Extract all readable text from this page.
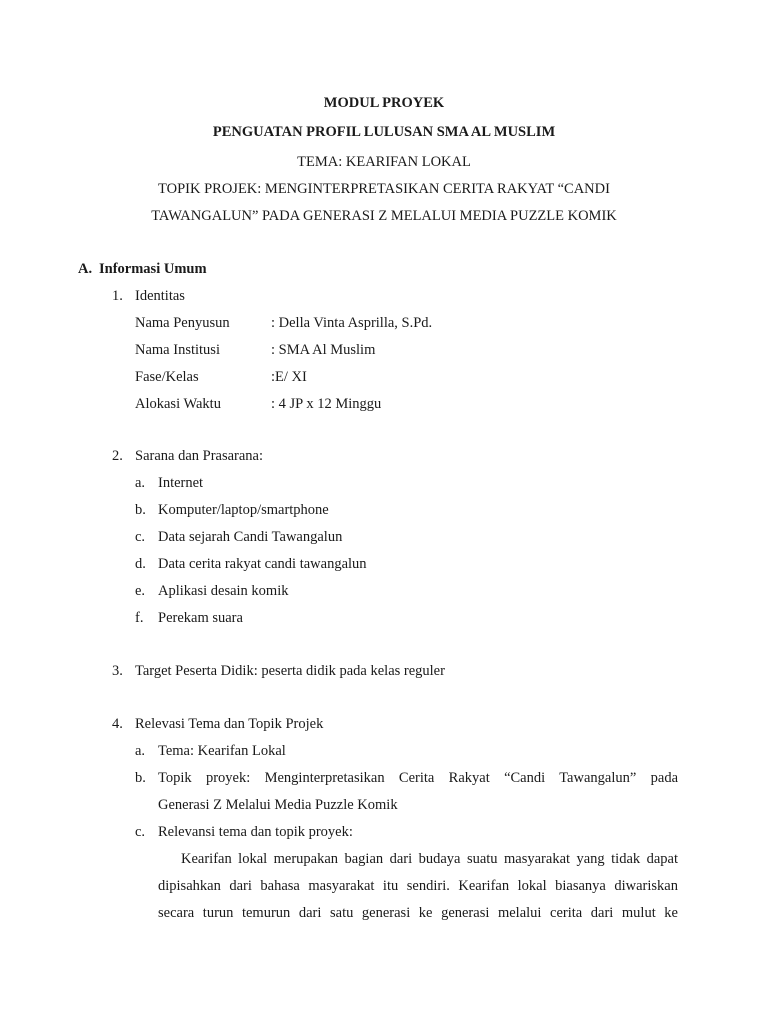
MODUL PROYEK
PENGUATAN PROFIL LULUSAN SMA AL MUSLIM
TEMA: KEARIFAN LOKAL
TOPIK PROJEK: MENGINTERPRETASIKAN CERITA RAKYAT “CANDI
TAWANGALUN” PADA GENERASI Z MELALUI MEDIA PUZZLE KOMIK
A. Informasi Umum
1. Identitas
Nama Penyusun	: Della Vinta Asprilla, S.Pd.
Nama Institusi	: SMA Al Muslim
Fase/Kelas	:E/ XI
Alokasi Waktu	: 4 JP x 12 Minggu
2. Sarana dan Prasarana:
a. Internet
b. Komputer/laptop/smartphone
c. Data sejarah Candi Tawangalun
d. Data cerita rakyat candi tawangalun
e. Aplikasi desain komik
f. Perekam suara
3. Target Peserta Didik: peserta didik pada kelas reguler
4. Relevasi Tema dan Topik Projek
a. Tema: Kearifan Lokal
b. Topik proyek: Menginterpretasikan Cerita Rakyat “Candi Tawangalun” pada
Generasi Z Melalui Media Puzzle Komik
c. Relevansi tema dan topik proyek:
Kearifan lokal merupakan bagian dari budaya suatu masyarakat yang tidak dapat
dipisahkan dari bahasa masyarakat itu sendiri. Kearifan lokal biasanya diwariskan
secara turun temurun dari satu generasi ke generasi melalui cerita dari mulut ke
